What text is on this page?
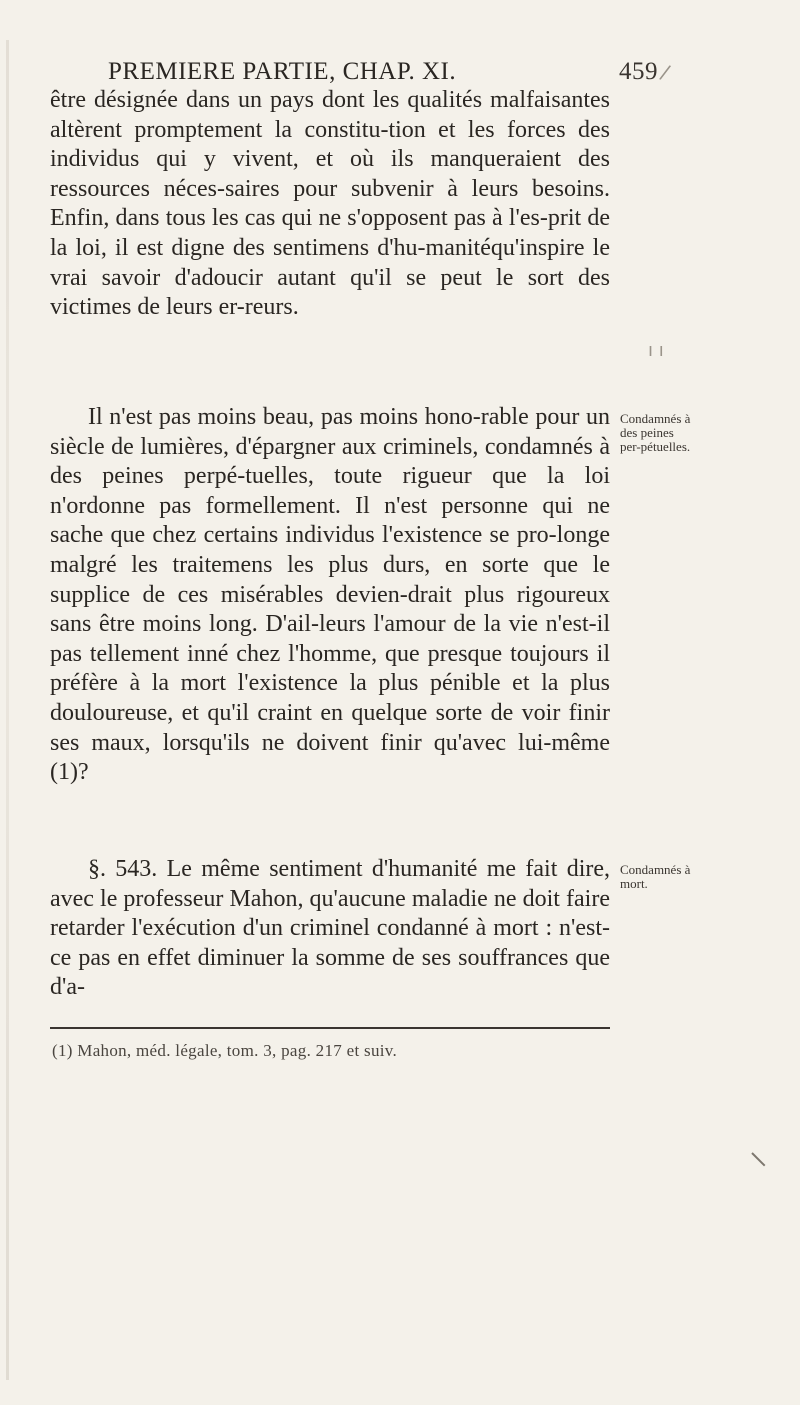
PREMIERE PARTIE, CHAP. XI.	459 /
ı ı

être désignée dans un pays dont les qualités malfaisantes altèrent promptement la constitu-tion et les forces des individus qui y vivent, et où ils manqueraient des ressources néces-saires pour subvenir à leurs besoins. Enfin, dans tous les cas qui ne s'opposent pas à l'es-prit de la loi, il est digne des sentimens d'hu-manitéqu'inspire le vrai savoir d'adoucir autant qu'il se peut le sort des victimes de leurs er-reurs.

Il n'est pas moins beau, pas moins hono-rable pour un siècle de lumières, d'épargner aux criminels, condamnés à des peines perpé-tuelles, toute rigueur que la loi n'ordonne pas formellement. Il n'est personne qui ne sache que chez certains individus l'existence se pro-longe malgré les traitemens les plus durs, en sorte que le supplice de ces misérables devien-drait plus rigoureux sans être moins long. D'ail-leurs l'amour de la vie n'est-il pas tellement inné chez l'homme, que presque toujours il préfère à la mort l'existence la plus pénible et la plus douloureuse, et qu'il craint en quelque sorte de voir finir ses maux, lorsqu'ils ne doivent finir qu'avec lui-même (1)?

Condamnés à des peines per-pétuelles.

§. 543. Le même sentiment d'humanité me fait dire, avec le professeur Mahon, qu'aucune maladie ne doit faire retarder l'exécution d'un criminel condanné à mort : n'est-ce pas en effet diminuer la somme de ses souffrances que d'a-

Condamnés à mort.
(1) Mahon, méd. légale, tom. 3, pag. 217 et suiv.
